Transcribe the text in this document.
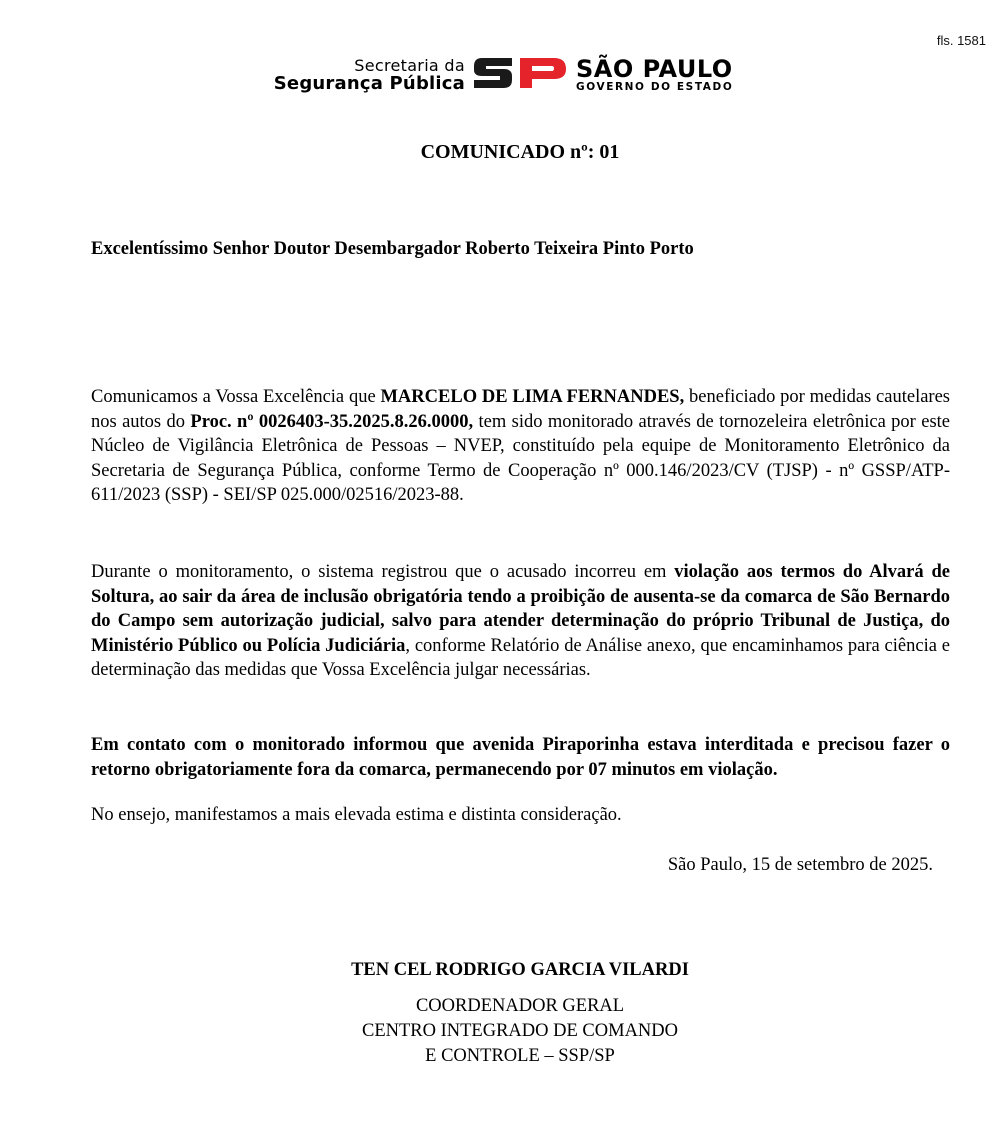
fls. 1581
Secretaria da
Segurança Pública
SÃO PAULO
GOVERNO DO ESTADO
COMUNICADO nº: 01
Excelentíssimo Senhor Doutor Desembargador Roberto Teixeira Pinto Porto

Comunicamos a Vossa Excelência que MARCELO DE LIMA FERNANDES, beneficiado por medidas cautelares nos autos do Proc. nº 0026403-35.2025.8.26.0000, tem sido monitorado através de tornozeleira eletrônica por este Núcleo de Vigilância Eletrônica de Pessoas – NVEP, constituído pela equipe de Monitoramento Eletrônico da Secretaria de Segurança Pública, conforme Termo de Cooperação nº 000.146/2023/CV (TJSP) - nº GSSP/ATP-611/2023 (SSP) - SEI/SP 025.000/02516/2023-88.

Durante o monitoramento, o sistema registrou que o acusado incorreu em violação aos termos do Alvará de Soltura, ao sair da área de inclusão obrigatória tendo a proibição de ausenta-se da comarca de São Bernardo do Campo sem autorização judicial, salvo para atender determinação do próprio Tribunal de Justiça, do Ministério Público ou Polícia Judiciária, conforme Relatório de Análise anexo, que encaminhamos para ciência e determinação das medidas que Vossa Excelência julgar necessárias.

Em contato com o monitorado informou que avenida Piraporinha estava interditada e precisou fazer o retorno obrigatoriamente fora da comarca, permanecendo por 07 minutos em violação.

No ensejo, manifestamos a mais elevada estima e distinta consideração.

São Paulo, 15 de setembro de 2025.
TEN CEL RODRIGO GARCIA VILARDI
COORDENADOR GERAL
CENTRO INTEGRADO DE COMANDO
E CONTROLE – SSP/SP
